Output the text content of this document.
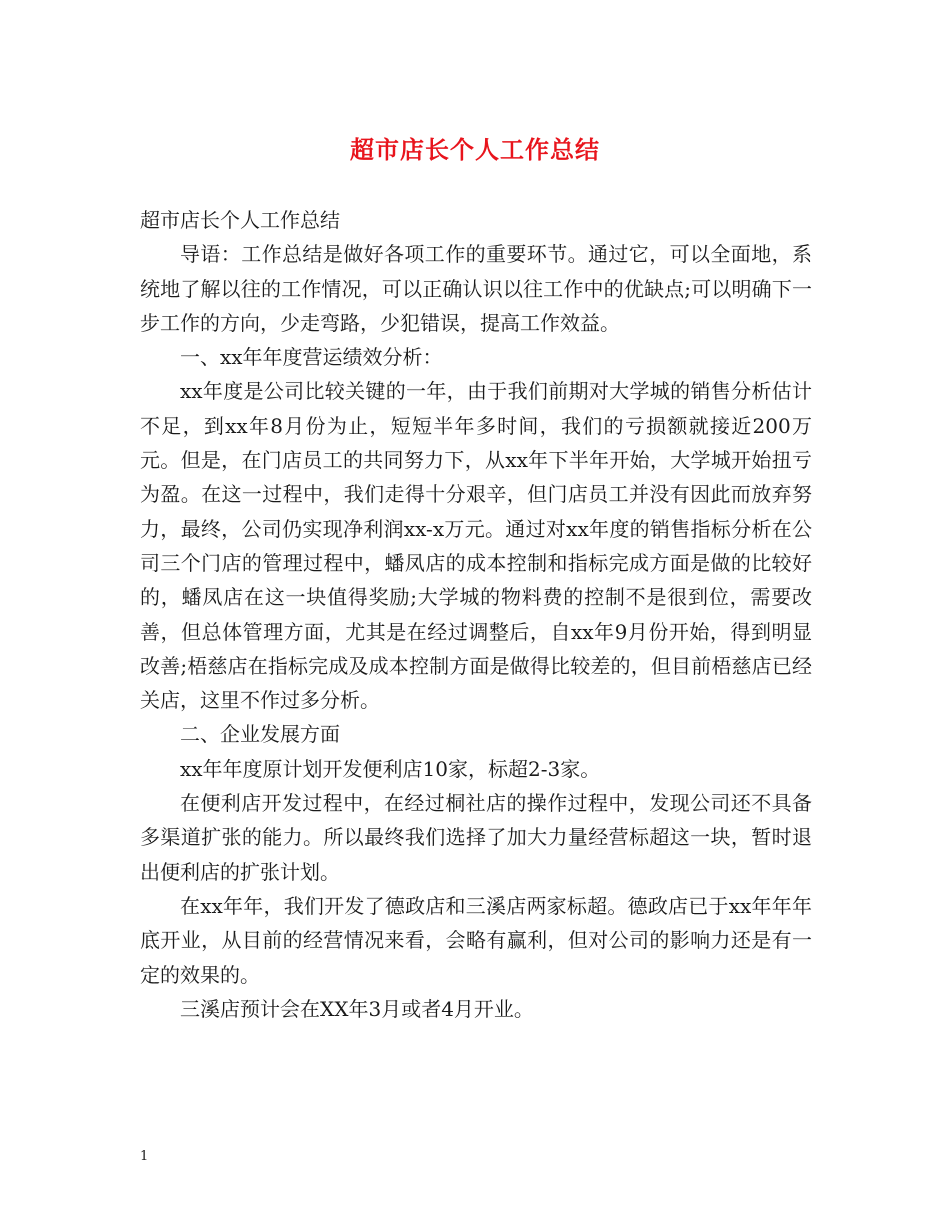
超市店长个人工作总结

超市店长个人工作总结

导语：工作总结是做好各项工作的重要环节。通过它，可以全面地，系统地了解以往的工作情况，可以正确认识以往工作中的优缺点;可以明确下一步工作的方向，少走弯路，少犯错误，提高工作效益。

一、xx年年度营运绩效分析：

xx年度是公司比较关键的一年，由于我们前期对大学城的销售分析估计不足，到xx年8月份为止，短短半年多时间，我们的亏损额就接近200万元。但是，在门店员工的共同努力下，从xx年下半年开始，大学城开始扭亏为盈。在这一过程中，我们走得十分艰辛，但门店员工并没有因此而放弃努力，最终，公司仍实现净利润xx-x万元。通过对xx年度的销售指标分析在公司三个门店的管理过程中，蟠凤店的成本控制和指标完成方面是做的比较好的，蟠凤店在这一块值得奖励;大学城的物料费的控制不是很到位，需要改善，但总体管理方面，尤其是在经过调整后，自xx年9月份开始，得到明显改善;梧慈店在指标完成及成本控制方面是做得比较差的，但目前梧慈店已经关店，这里不作过多分析。

二、企业发展方面

xx年年度原计划开发便利店10家，标超2-3家。

在便利店开发过程中，在经过桐社店的操作过程中，发现公司还不具备多渠道扩张的能力。所以最终我们选择了加大力量经营标超这一块，暂时退出便利店的扩张计划。

在xx年年，我们开发了德政店和三溪店两家标超。德政店已于xx年年年底开业，从目前的经营情况来看，会略有赢利，但对公司的影响力还是有一定的效果的。

三溪店预计会在XX年3月或者4月开业。

1
